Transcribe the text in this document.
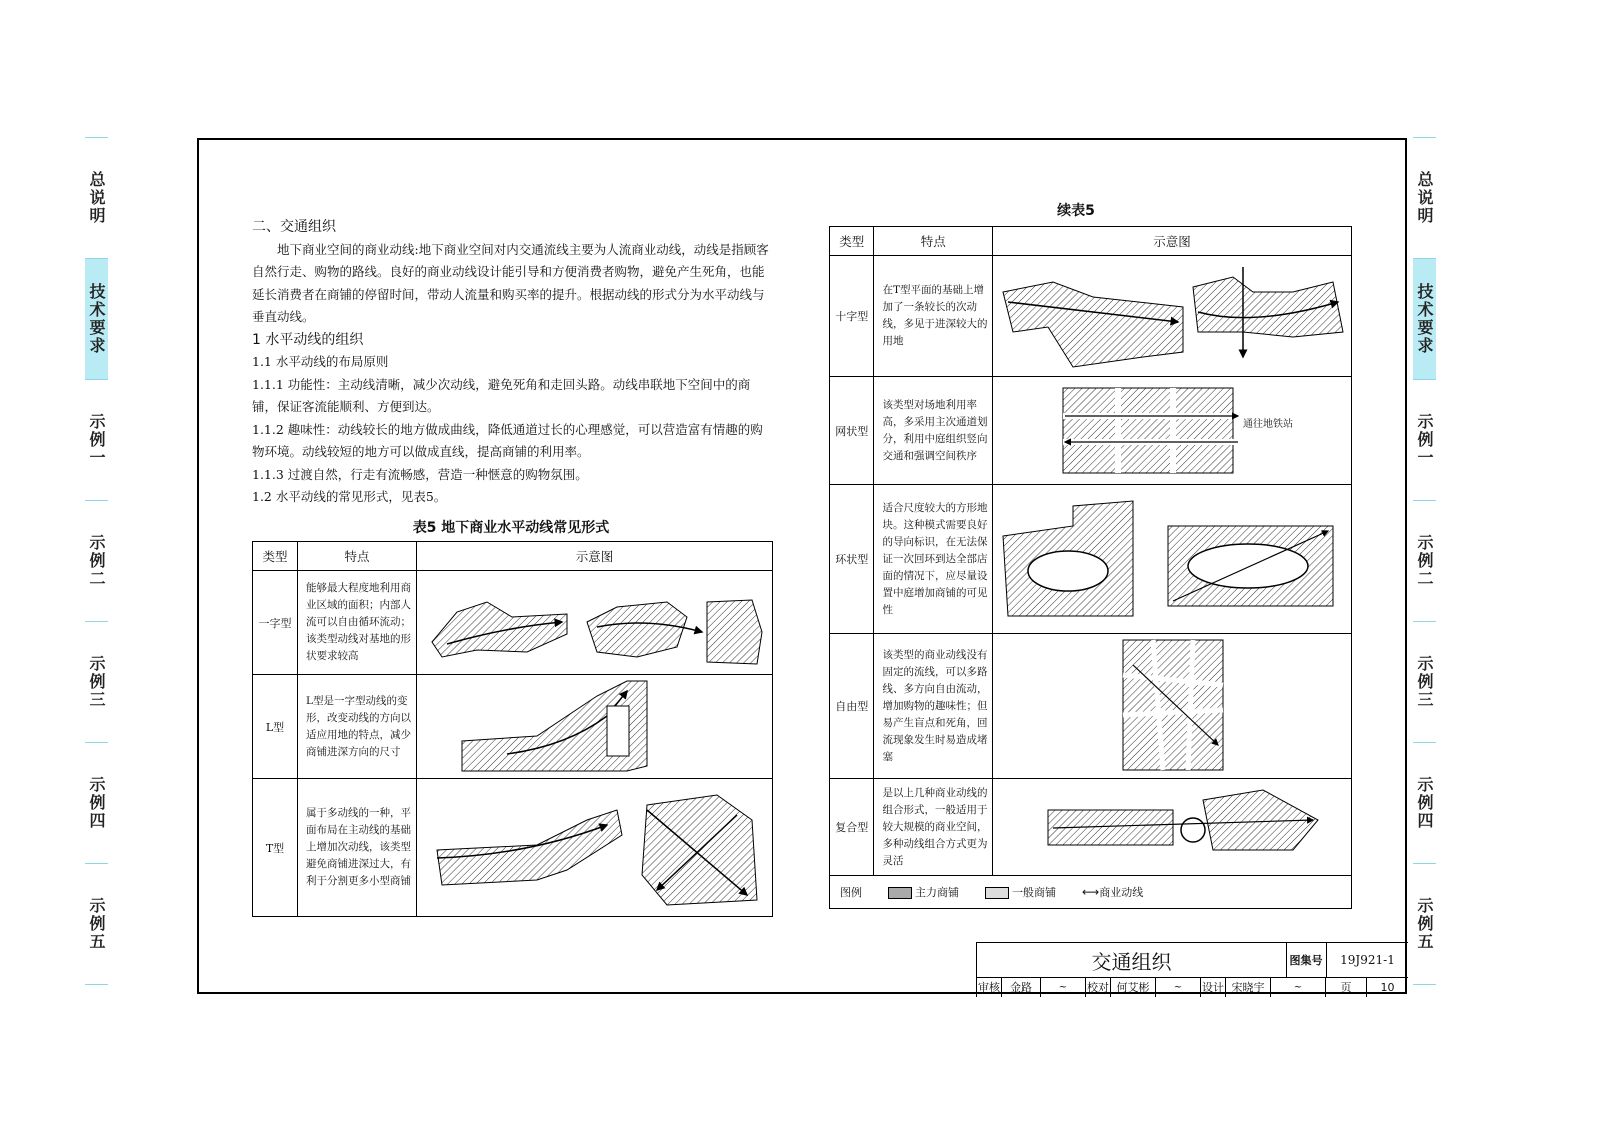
总说明
技术要求
示例一
示例二
示例三
示例四
示例五
总说明
技术要求
示例一
示例二
示例三
示例四
示例五

二、交通组织

地下商业空间的商业动线:地下商业空间对内交通流线主要为人流商业动线，动线是指顾客自然行走、购物的路线。良好的商业动线设计能引导和方便消费者购物，避免产生死角，也能延长消费者在商铺的停留时间，带动人流量和购买率的提升。根据动线的形式分为水平动线与垂直动线。

1 水平动线的组织

1.1 水平动线的布局原则

1.1.1 功能性：主动线清晰，减少次动线，避免死角和走回头路。动线串联地下空间中的商铺，保证客流能顺利、方便到达。

1.1.2 趣味性：动线较长的地方做成曲线，降低通道过长的心理感觉，可以营造富有情趣的购物环境。动线较短的地方可以做成直线，提高商铺的利用率。

1.1.3 过渡自然，行走有流畅感，营造一种惬意的购物氛围。

1.2 水平动线的常见形式，见表5。

表5 地下商业水平动线常见形式
类型	特点	示意图
一字型	能够最大程度地利用商业区域的面积；内部人流可以自由循环流动；该类型动线对基地的形状要求较高	

L型	L型是一字型动线的变形，改变动线的方向以适应用地的特点，减少商铺进深方向的尺寸	

T型	属于多动线的一种，平面布局在主动线的基础上增加次动线，该类型避免商铺进深过大，有利于分割更多小型商铺	
续表5
类型	特点	示意图
十字型	在T型平面的基础上增加了一条较长的次动线，多见于进深较大的用地	

网状型	该类型对场地利用率高，多采用主次通道划分，利用中庭组织竖向交通和强调空间秩序	通往地铁站

环状型	适合尺度较大的方形地块。这种模式需要良好的导向标识，在无法保证一次回环到达全部店面的情况下，应尽量设置中庭增加商铺的可见性	

自由型	该类型的商业动线没有固定的流线，可以多路线、多方向自由流动，增加购物的趣味性；但易产生盲点和死角，回流现象发生时易造成堵塞	

复合型	是以上几种商业动线的组合形式，一般适用于较大规模的商业空间，多种动线组合方式更为灵活	

图例 主力商铺 一般商铺 ⟷商业动线		
交通组织	图集号	19J921-1
审核 金路	~	校对 何艾彬	~	设计 宋晓宇	~	页	10
